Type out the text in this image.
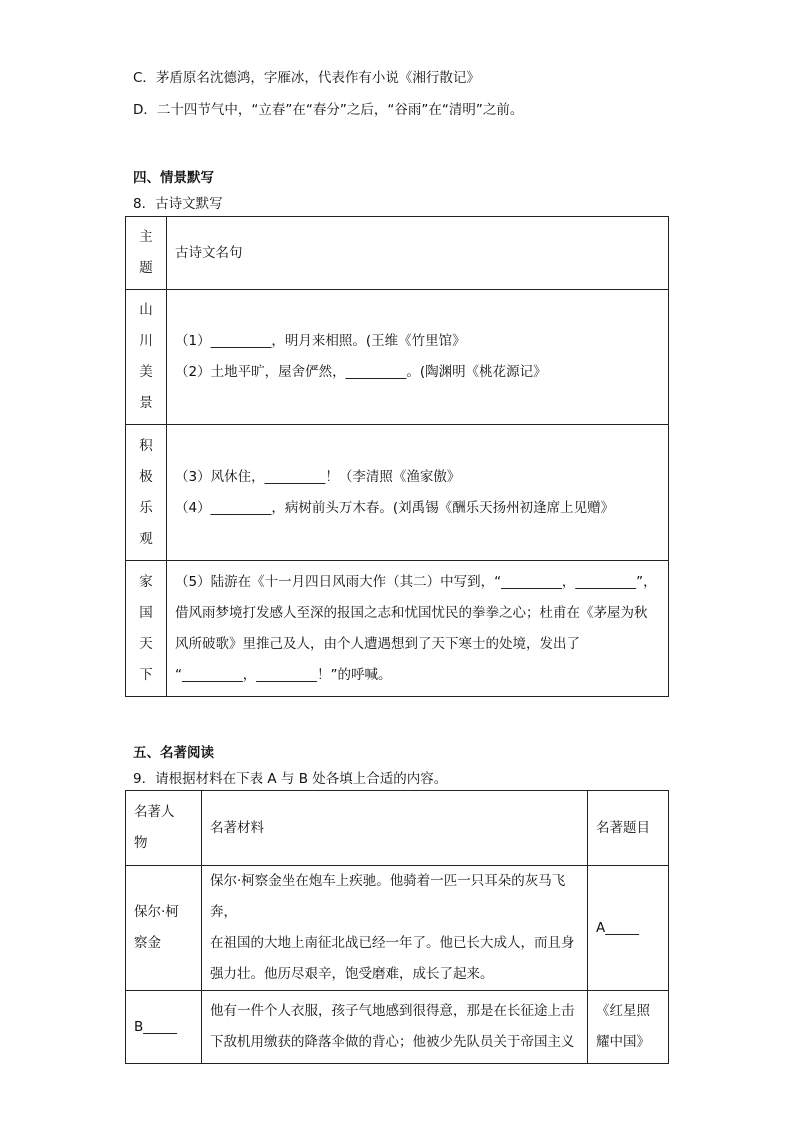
C．茅盾原名沈德鸿，字雁冰，代表作有小说《湘行散记》
D．二十四节气中，“立春”在“春分”之后，“谷雨”在“清明”之前。
四、情景默写
8．古诗文默写
主
题	古诗文名句

山
川
美
景	（1）_________，明月来相照。(王维《竹里馆》
（2）土地平旷，屋舍俨然，_________。(陶渊明《桃花源记》

积
极
乐
观	（3）风休住，_________！（李清照《渔家傲》
（4）_________，病树前头万木春。(刘禹锡《酬乐天扬州初逢席上见赠》

家
国
天
下	（5）陆游在《十一月四日风雨大作（其二）中写到，“_________，_________”，
借风雨梦境打发感人至深的报国之志和忧国忧民的拳拳之心；杜甫在《茅屋为秋
风所破歌》里推己及人，由个人遭遇想到了天下寒士的处境，发出了
“_________，_________！”的呼喊。
五、名著阅读
9．请根据材料在下表 A 与 B 处各填上合适的内容。
名著人
物	名著材料	名著题目

保尔·柯
察金	保尔·柯察金坐在炮车上疾驰。他骑着一匹一只耳朵的灰马飞奔，
在祖国的大地上南征北战已经一年了。他已长大成人，而且身
强力壮。他历尽艰辛，饱受磨难，成长了起来。	A_____

B_____	他有一件个人衣服，孩子气地感到很得意，那是在长征途上击
下敌机用缴获的降落伞做的背心；他被少先队员关于帝国主义	《红星照
耀中国》
